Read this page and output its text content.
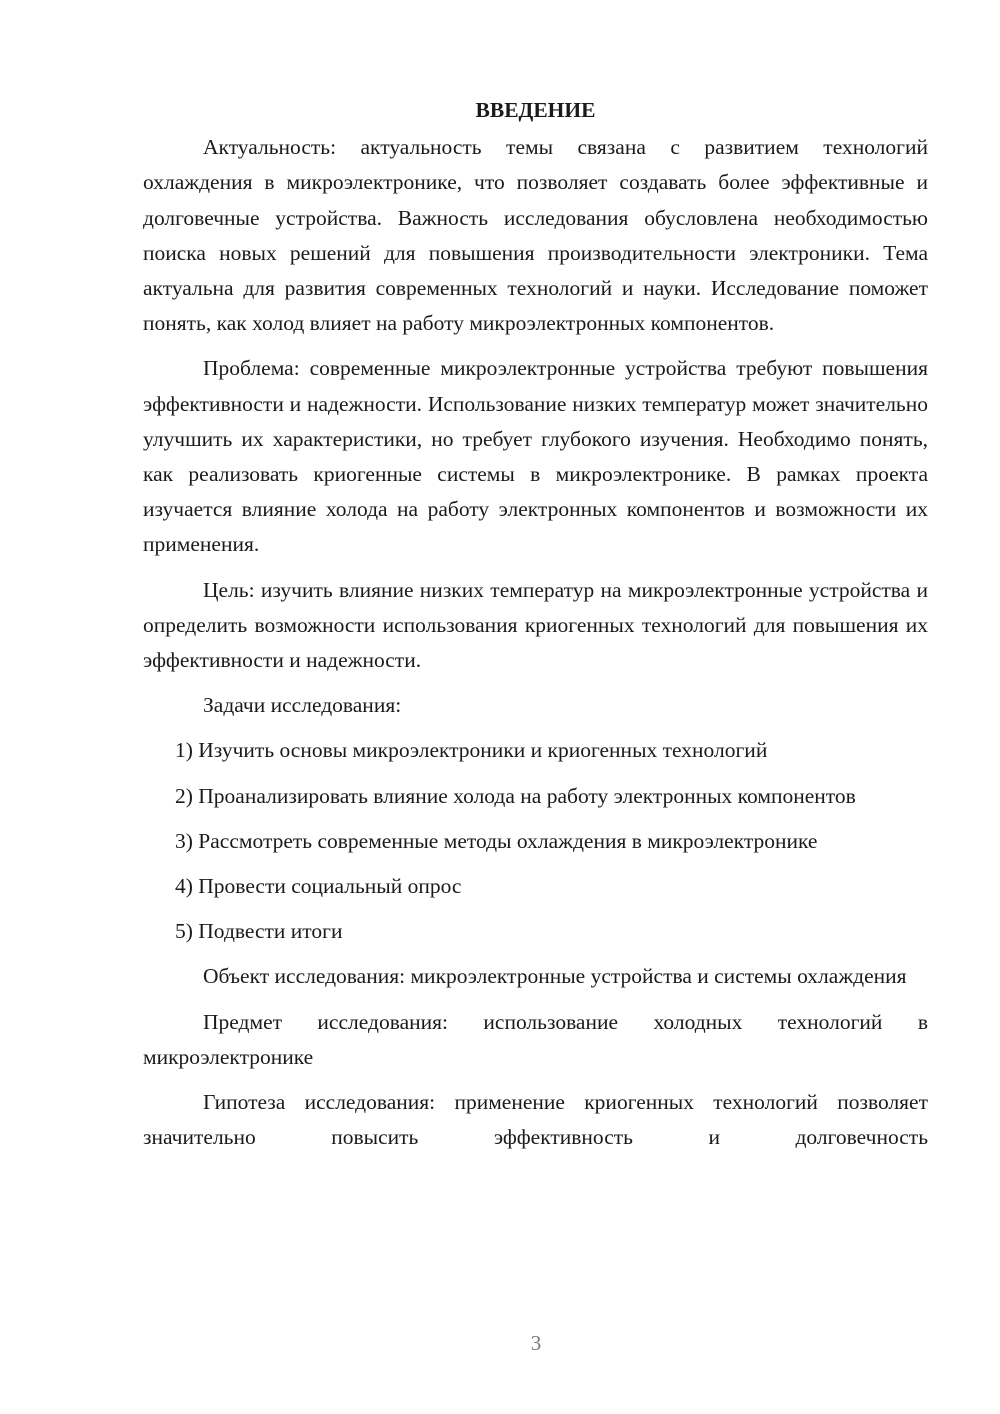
ВВЕДЕНИЕ

Актуальность: актуальность темы связана с развитием технологий охлаждения в микроэлектронике, что позволяет создавать более эффективные и долговечные устройства. Важность исследования обусловлена необходимостью поиска новых решений для повышения производительности электроники. Тема актуальна для развития современных технологий и науки. Исследование поможет понять, как холод влияет на работу микроэлектронных компонентов.

Проблема: современные микроэлектронные устройства требуют повышения эффективности и надежности. Использование низких температур может значительно улучшить их характеристики, но требует глубокого изучения. Необходимо понять, как реализовать криогенные системы в микроэлектронике. В рамках проекта изучается влияние холода на работу электронных компонентов и возможности их применения.

Цель: изучить влияние низких температур на микроэлектронные устройства и определить возможности использования криогенных технологий для повышения их эффективности и надежности.

Задачи исследования:

1) Изучить основы микроэлектроники и криогенных технологий

2) Проанализировать влияние холода на работу электронных компонентов

3) Рассмотреть современные методы охлаждения в микроэлектронике

4) Провести социальный опрос

5) Подвести итоги

Объект исследования: микроэлектронные устройства и системы охлаждения

Предмет исследования: использование холодных технологий в микроэлектронике

Гипотеза исследования: применение криогенных технологий позволяет значительно повысить эффективность и долговечность

3
